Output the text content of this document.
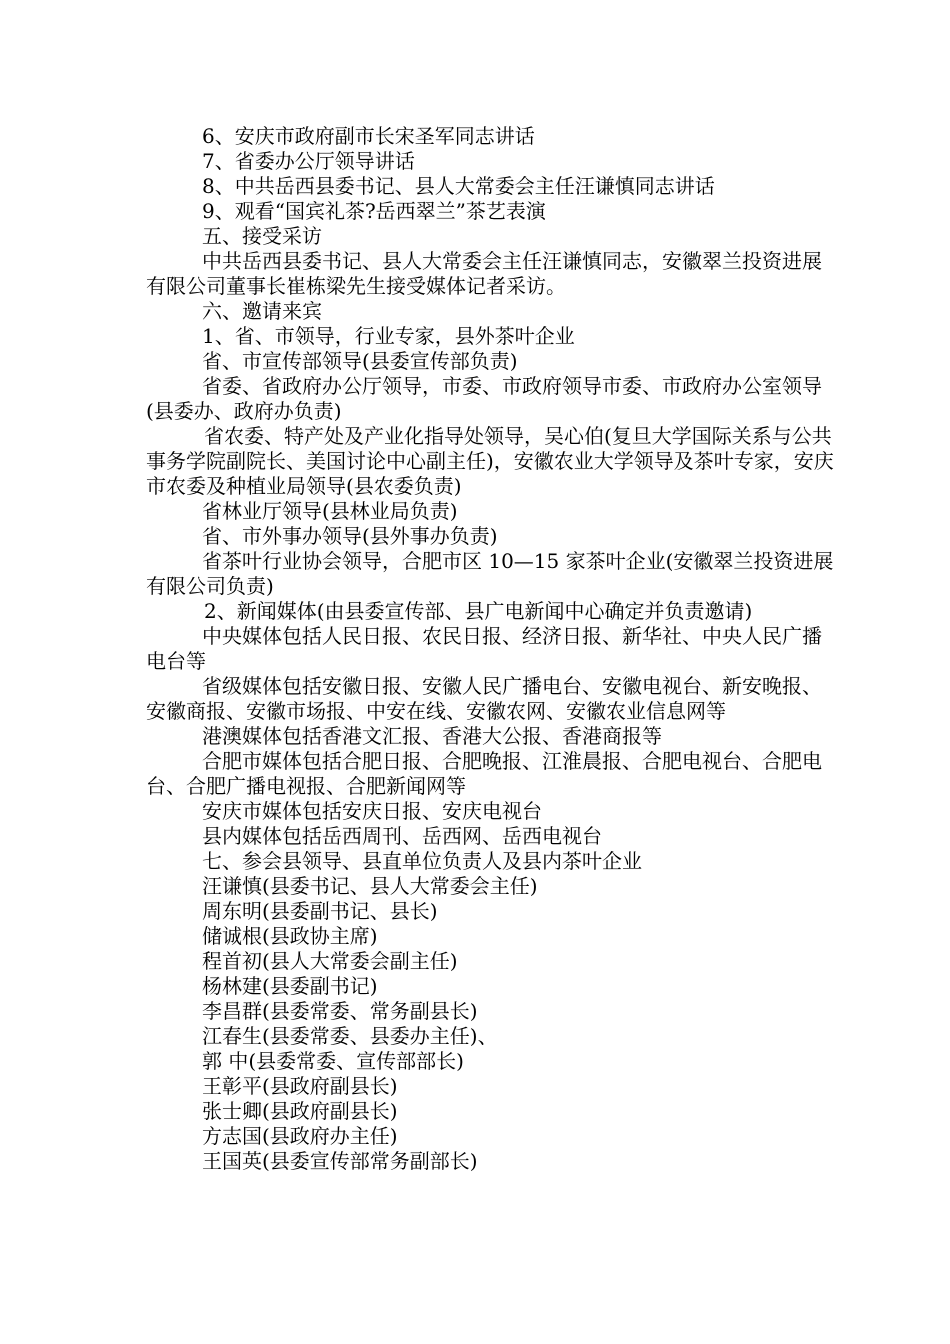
6、安庆市政府副市长宋圣军同志讲话

7、省委办公厅领导讲话

8、中共岳西县委书记、县人大常委会主任汪谦慎同志讲话

9、观看“国宾礼茶?岳西翠兰”茶艺表演

五、接受采访

中共岳西县委书记、县人大常委会主任汪谦慎同志，安徽翠兰投资进展有限公司董事长崔栋梁先生接受媒体记者采访。

六、邀请来宾

1、省、市领导，行业专家，县外茶叶企业

省、市宣传部领导(县委宣传部负责)

省委、省政府办公厅领导，市委、市政府领导市委、市政府办公室领导(县委办、政府办负责)

省农委、特产处及产业化指导处领导，吴心伯(复旦大学国际关系与公共事务学院副院长、美国讨论中心副主任)，安徽农业大学领导及茶叶专家，安庆市农委及种植业局领导(县农委负责)

省林业厅领导(县林业局负责)

省、市外事办领导(县外事办负责)

省茶叶行业协会领导，合肥市区 10—15 家茶叶企业(安徽翠兰投资进展有限公司负责)

2、新闻媒体(由县委宣传部、县广电新闻中心确定并负责邀请)

中央媒体包括人民日报、农民日报、经济日报、新华社、中央人民广播电台等

省级媒体包括安徽日报、安徽人民广播电台、安徽电视台、新安晚报、安徽商报、安徽市场报、中安在线、安徽农网、安徽农业信息网等

港澳媒体包括香港文汇报、香港大公报、香港商报等

合肥市媒体包括合肥日报、合肥晚报、江淮晨报、合肥电视台、合肥电台、合肥广播电视报、合肥新闻网等

安庆市媒体包括安庆日报、安庆电视台

县内媒体包括岳西周刊、岳西网、岳西电视台

七、参会县领导、县直单位负责人及县内茶叶企业

汪谦慎(县委书记、县人大常委会主任)

周东明(县委副书记、县长)

储诚根(县政协主席)

程首初(县人大常委会副主任)

杨林建(县委副书记)

李昌群(县委常委、常务副县长)

江春生(县委常委、县委办主任)、

郭 中(县委常委、宣传部部长)

王彰平(县政府副县长)

张士卿(县政府副县长)

方志国(县政府办主任)

王国英(县委宣传部常务副部长)
